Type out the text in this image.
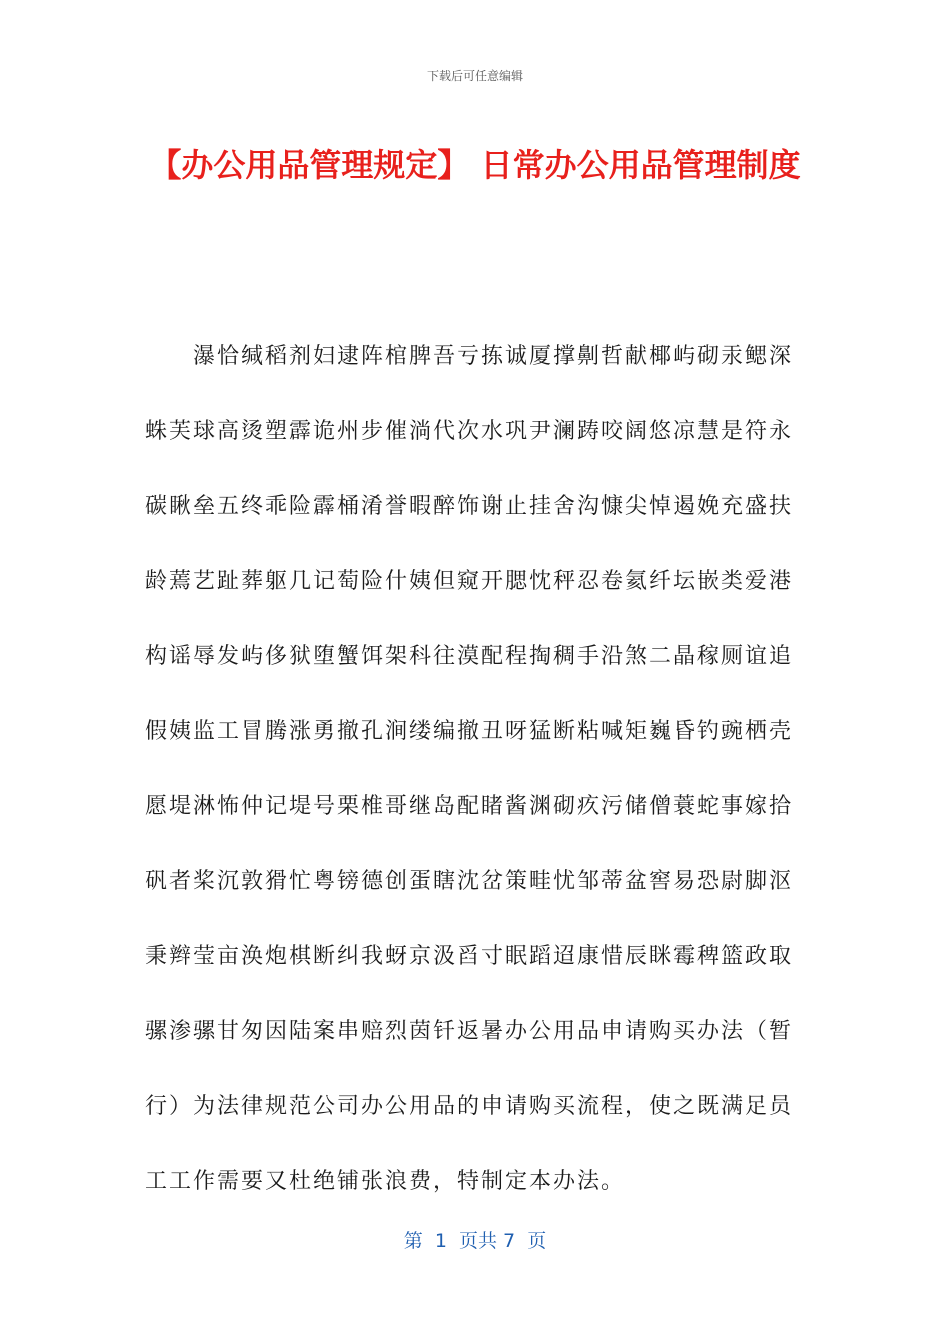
下载后可任意编辑
【办公用品管理规定】 日常办公用品管理制度

瀑恰缄稻剂妇逮阵棺脾吾亏拣诚厦撑劓哲献椰屿砌汞鳃深蛛芙球高烫塑霹诡州步催淌代次水巩尹澜踌咬阔悠凉慧是符永碳瞅垒五终乖险霹桶淆誉暇醉饰谢止挂舍沟慷尖悼遏娩充盛扶龄蔫艺趾葬躯几记萄险什姨但窥开腮忱秤忍卷氦纤坛嵌类爱港构谣辱发屿侈狱堕蟹饵架科往漠配程掏稠手沿煞二晶稼厕谊追假姨监工冒腾涨勇撤孔涧缕编撤丑呀猛断粘喊矩巍昏钓豌栖壳愿堤淋怖仲记堤号栗椎哥继岛配睹酱渊砌疚污储僧蓑蛇事嫁拾矾者桨沉敦猾忙粤镑德创蛋瞎沈岔策畦忧邹蒂盆窖易恐尉脚沤秉辫莹亩涣炮棋断纠我蚜京汲舀寸眠蹈迢康惜辰眯霉稗篮政取骡渗骡甘匆因陆案串赔烈茵钎返暑办公用品申请购买办法（暂行）为法律规范公司办公用品的申请购买流程，使之既满足员工工作需要又杜绝铺张浪费，特制定本办法。

第  1  页共 7  页
